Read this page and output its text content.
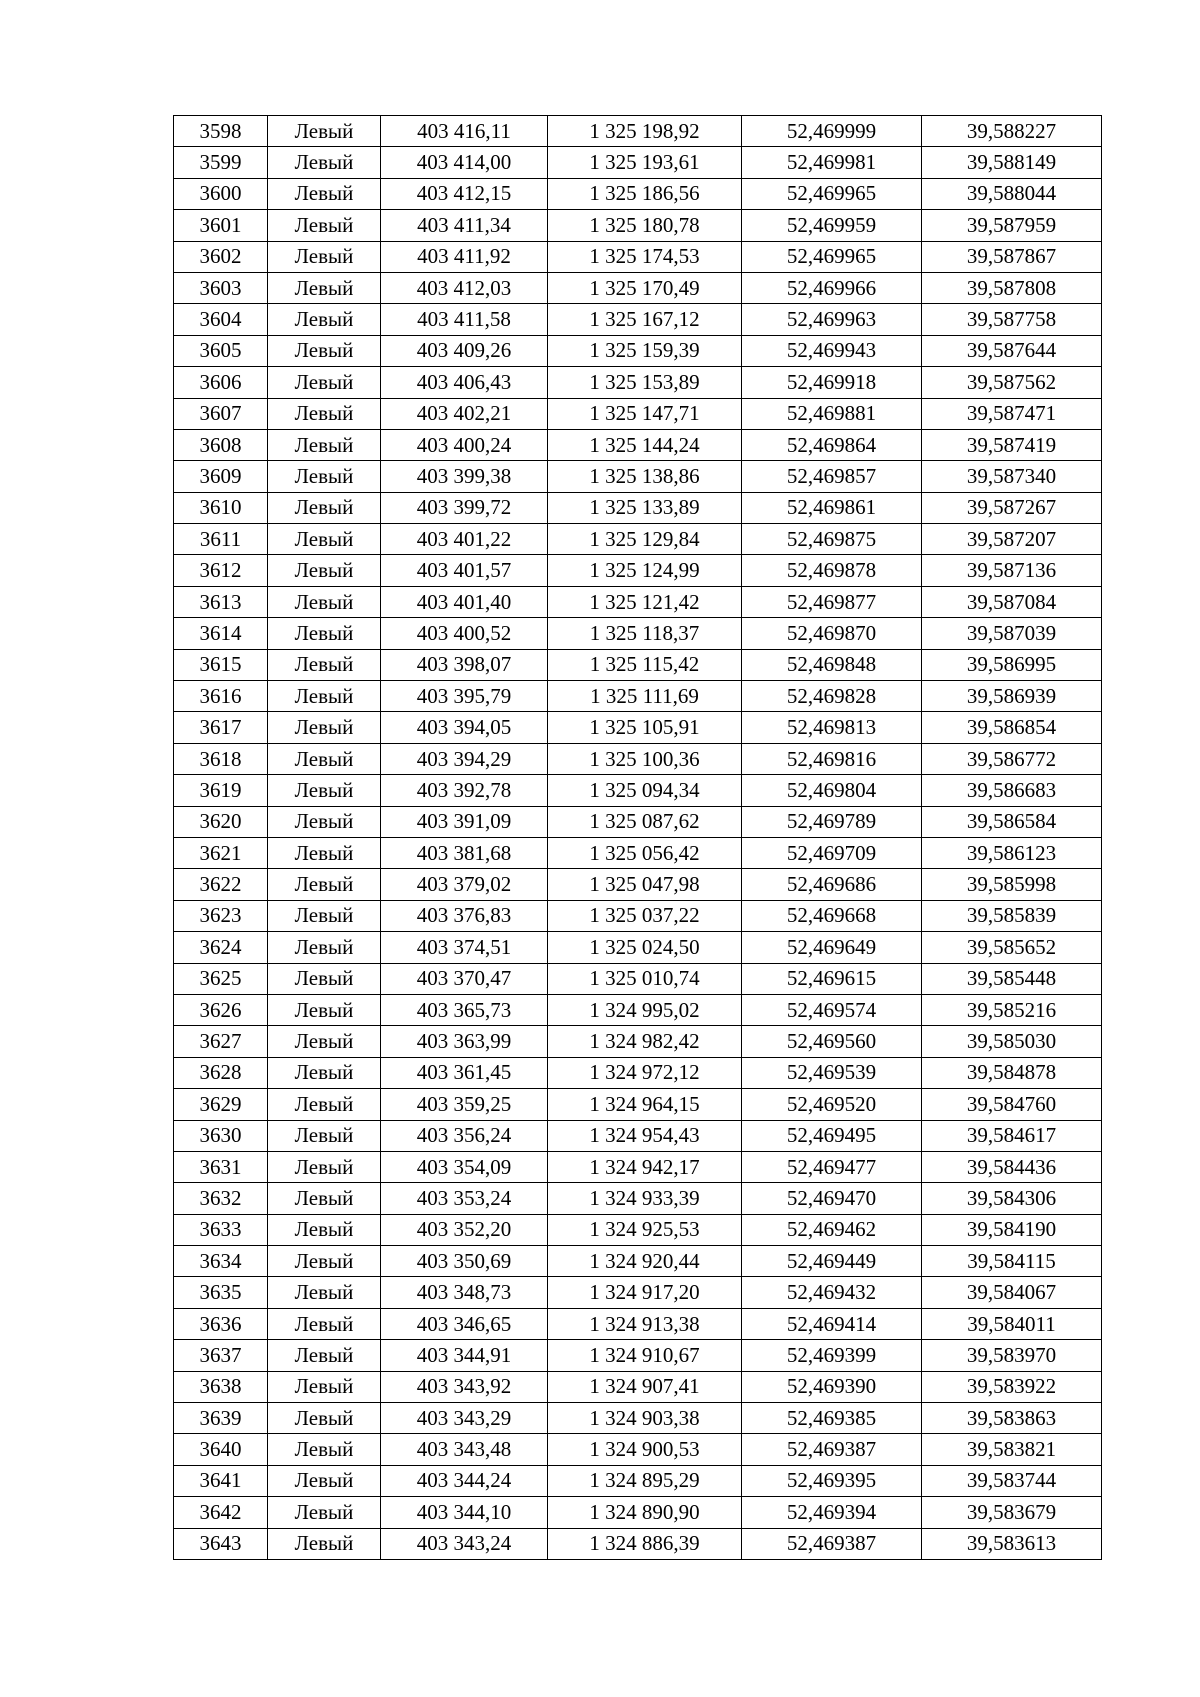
3598	Левый	403 416,11	1 325 198,92	52,469999	39,588227
3599	Левый	403 414,00	1 325 193,61	52,469981	39,588149
3600	Левый	403 412,15	1 325 186,56	52,469965	39,588044
3601	Левый	403 411,34	1 325 180,78	52,469959	39,587959
3602	Левый	403 411,92	1 325 174,53	52,469965	39,587867
3603	Левый	403 412,03	1 325 170,49	52,469966	39,587808
3604	Левый	403 411,58	1 325 167,12	52,469963	39,587758
3605	Левый	403 409,26	1 325 159,39	52,469943	39,587644
3606	Левый	403 406,43	1 325 153,89	52,469918	39,587562
3607	Левый	403 402,21	1 325 147,71	52,469881	39,587471
3608	Левый	403 400,24	1 325 144,24	52,469864	39,587419
3609	Левый	403 399,38	1 325 138,86	52,469857	39,587340
3610	Левый	403 399,72	1 325 133,89	52,469861	39,587267
3611	Левый	403 401,22	1 325 129,84	52,469875	39,587207
3612	Левый	403 401,57	1 325 124,99	52,469878	39,587136
3613	Левый	403 401,40	1 325 121,42	52,469877	39,587084
3614	Левый	403 400,52	1 325 118,37	52,469870	39,587039
3615	Левый	403 398,07	1 325 115,42	52,469848	39,586995
3616	Левый	403 395,79	1 325 111,69	52,469828	39,586939
3617	Левый	403 394,05	1 325 105,91	52,469813	39,586854
3618	Левый	403 394,29	1 325 100,36	52,469816	39,586772
3619	Левый	403 392,78	1 325 094,34	52,469804	39,586683
3620	Левый	403 391,09	1 325 087,62	52,469789	39,586584
3621	Левый	403 381,68	1 325 056,42	52,469709	39,586123
3622	Левый	403 379,02	1 325 047,98	52,469686	39,585998
3623	Левый	403 376,83	1 325 037,22	52,469668	39,585839
3624	Левый	403 374,51	1 325 024,50	52,469649	39,585652
3625	Левый	403 370,47	1 325 010,74	52,469615	39,585448
3626	Левый	403 365,73	1 324 995,02	52,469574	39,585216
3627	Левый	403 363,99	1 324 982,42	52,469560	39,585030
3628	Левый	403 361,45	1 324 972,12	52,469539	39,584878
3629	Левый	403 359,25	1 324 964,15	52,469520	39,584760
3630	Левый	403 356,24	1 324 954,43	52,469495	39,584617
3631	Левый	403 354,09	1 324 942,17	52,469477	39,584436
3632	Левый	403 353,24	1 324 933,39	52,469470	39,584306
3633	Левый	403 352,20	1 324 925,53	52,469462	39,584190
3634	Левый	403 350,69	1 324 920,44	52,469449	39,584115
3635	Левый	403 348,73	1 324 917,20	52,469432	39,584067
3636	Левый	403 346,65	1 324 913,38	52,469414	39,584011
3637	Левый	403 344,91	1 324 910,67	52,469399	39,583970
3638	Левый	403 343,92	1 324 907,41	52,469390	39,583922
3639	Левый	403 343,29	1 324 903,38	52,469385	39,583863
3640	Левый	403 343,48	1 324 900,53	52,469387	39,583821
3641	Левый	403 344,24	1 324 895,29	52,469395	39,583744
3642	Левый	403 344,10	1 324 890,90	52,469394	39,583679
3643	Левый	403 343,24	1 324 886,39	52,469387	39,583613
